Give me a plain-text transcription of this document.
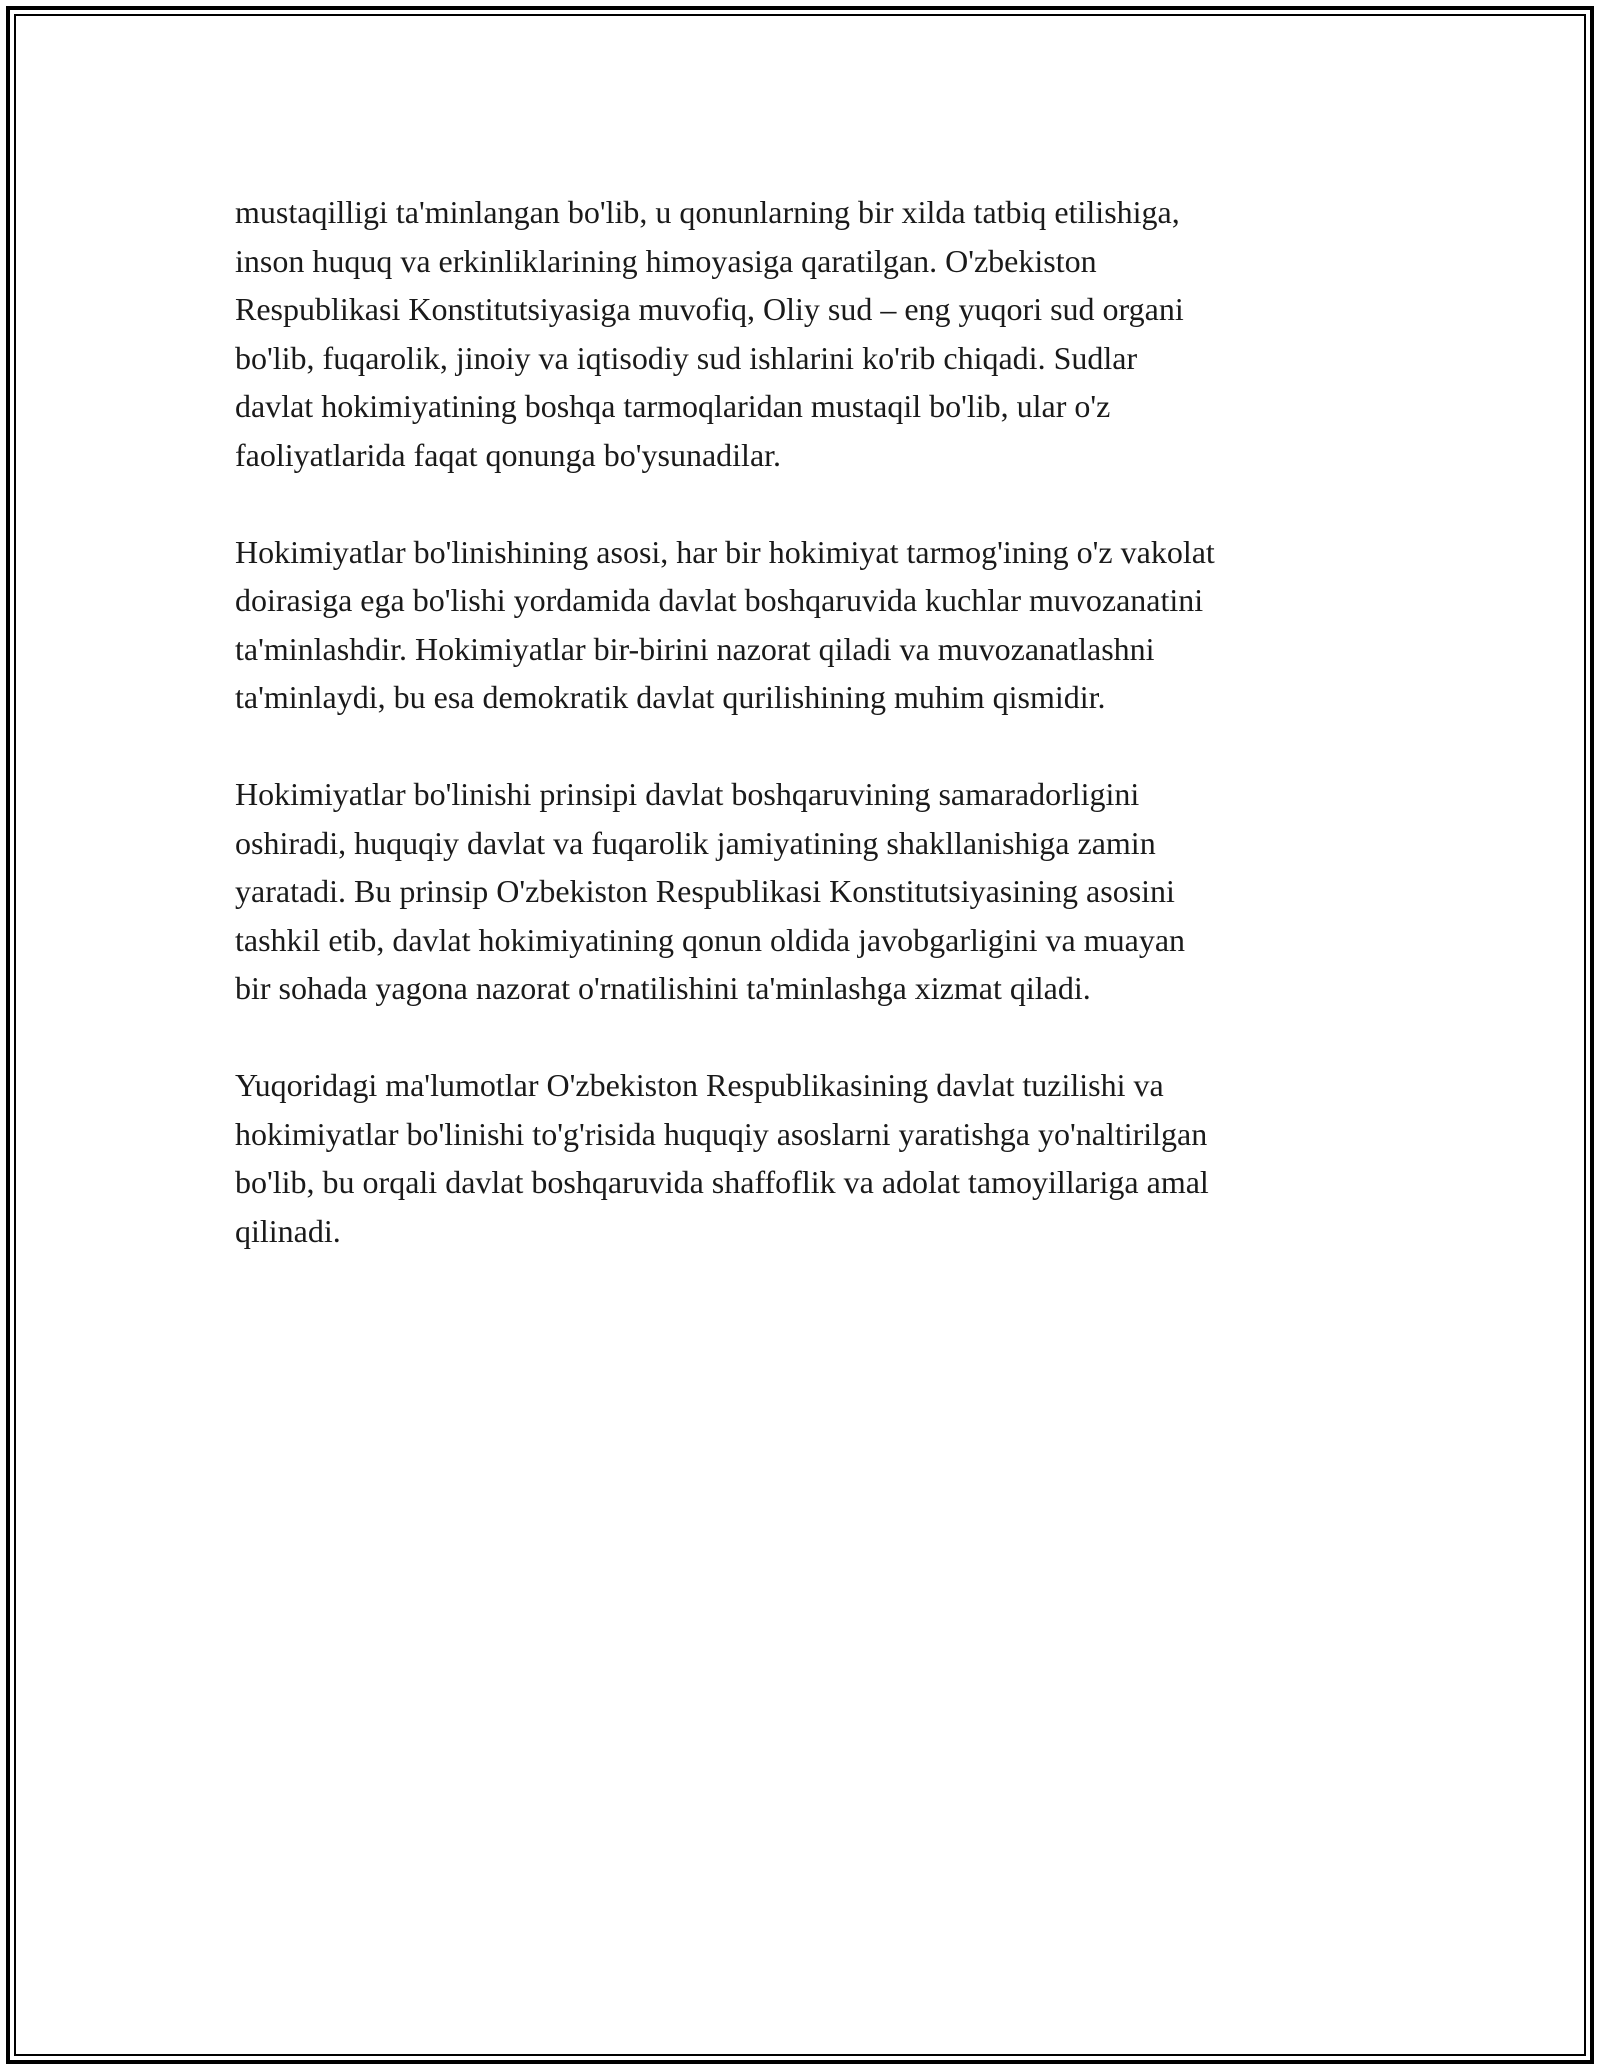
mustaqilligi ta'minlangan bo'lib, u qonunlarning bir xilda tatbiq etilishiga,
inson huquq va erkinliklarining himoyasiga qaratilgan. O'zbekiston
Respublikasi Konstitutsiyasiga muvofiq, Oliy sud – eng yuqori sud organi
bo'lib, fuqarolik, jinoiy va iqtisodiy sud ishlarini ko'rib chiqadi. Sudlar
davlat hokimiyatining boshqa tarmoqlaridan mustaqil bo'lib, ular o'z
faoliyatlarida faqat qonunga bo'ysunadilar.

Hokimiyatlar bo'linishining asosi, har bir hokimiyat tarmog'ining o'z vakolat
doirasiga ega bo'lishi yordamida davlat boshqaruvida kuchlar muvozanatini
ta'minlashdir. Hokimiyatlar bir-birini nazorat qiladi va muvozanatlashni
ta'minlaydi, bu esa demokratik davlat qurilishining muhim qismidir.

Hokimiyatlar bo'linishi prinsipi davlat boshqaruvining samaradorligini
oshiradi, huquqiy davlat va fuqarolik jamiyatining shakllanishiga zamin
yaratadi. Bu prinsip O'zbekiston Respublikasi Konstitutsiyasining asosini
tashkil etib, davlat hokimiyatining qonun oldida javobgarligini va muayan
bir sohada yagona nazorat o'rnatilishini ta'minlashga xizmat qiladi.

Yuqoridagi ma'lumotlar O'zbekiston Respublikasining davlat tuzilishi va
hokimiyatlar bo'linishi to'g'risida huquqiy asoslarni yaratishga yo'naltirilgan
bo'lib, bu orqali davlat boshqaruvida shaffoflik va adolat tamoyillariga amal
qilinadi.
